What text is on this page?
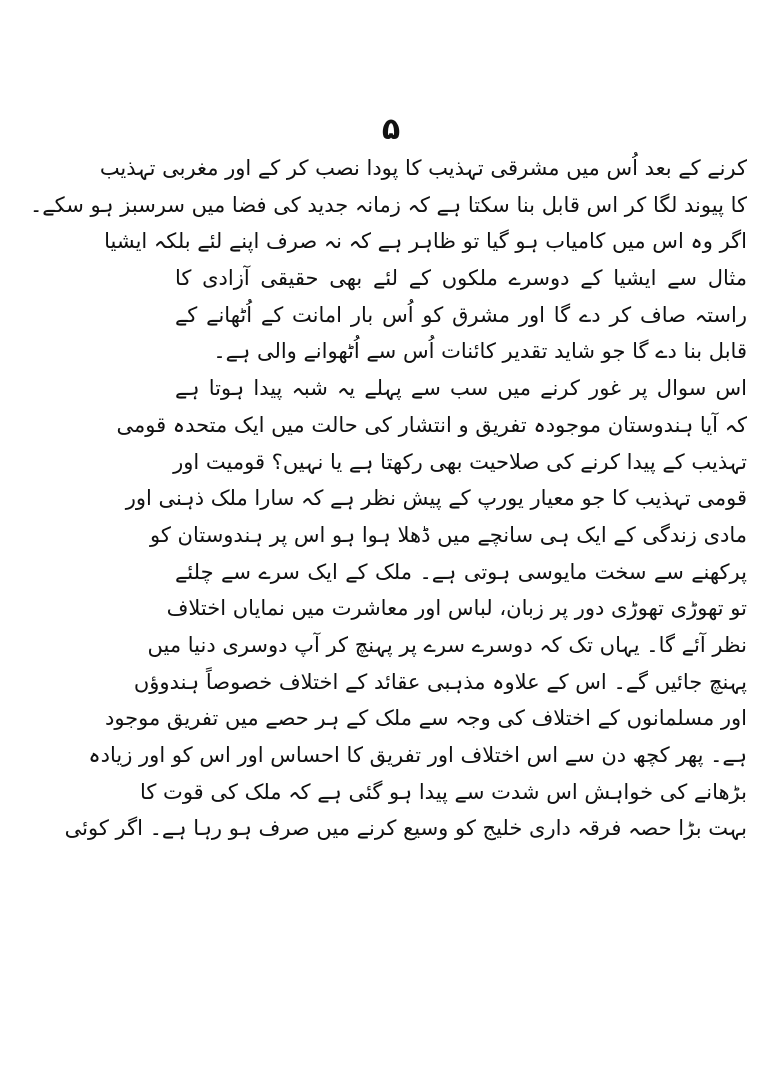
۵
کرنے کے بعد اُس میں مشرقی تہذیب کا پودا نصب کر کے اور مغربی تہذیب
کا پیوند لگا کر اس قابل بنا سکتا ہے کہ زمانہ جدید کی فضا میں سرسبز ہو سکے۔
اگر وہ اس میں کامیاب ہو گیا تو ظاہر ہے کہ نہ صرف اپنے لئے بلکہ ایشیا
مثال سے ایشیا کے دوسرے ملکوں کے لئے بھی حقیقی آزادی کا
راستہ صاف کر دے گا اور مشرق کو اُس بار امانت کے اُٹھانے کے
قابل بنا دے گا جو شاید تقدیر کائنات اُس سے اُٹھوانے والی ہے۔
اس سوال پر غور کرنے میں سب سے پہلے یہ شبہ پیدا ہوتا ہے
کہ آیا ہندوستان موجودہ تفریق و انتشار کی حالت میں ایک متحدہ قومی
تہذیب کے پیدا کرنے کی صلاحیت بھی رکھتا ہے یا نہیں؟ قومیت اور
قومی تہذیب کا جو معیار یورپ کے پیش نظر ہے کہ سارا ملک ذہنی اور
مادی زندگی کے ایک ہی سانچے میں ڈھلا ہوا ہو اس پر ہندوستان کو
پرکھنے سے سخت مایوسی ہوتی ہے۔ ملک کے ایک سرے سے چلئے
تو تھوڑی تھوڑی دور پر زبان، لباس اور معاشرت میں نمایاں اختلاف
نظر آئے گا۔ یہاں تک کہ دوسرے سرے پر پہنچ کر آپ دوسری دنیا میں
پہنچ جائیں گے۔ اس کے علاوہ مذہبی عقائد کے اختلاف خصوصاً ہندوؤں
اور مسلمانوں کے اختلاف کی وجہ سے ملک کے ہر حصے میں تفریق موجود
ہے۔ پھر کچھ دن سے اس اختلاف اور تفریق کا احساس اور اس کو اور زیادہ
بڑھانے کی خواہش اس شدت سے پیدا ہو گئی ہے کہ ملک کی قوت کا
بہت بڑا حصہ فرقہ داری خلیج کو وسیع کرنے میں صرف ہو رہا ہے۔ اگر کوئی
